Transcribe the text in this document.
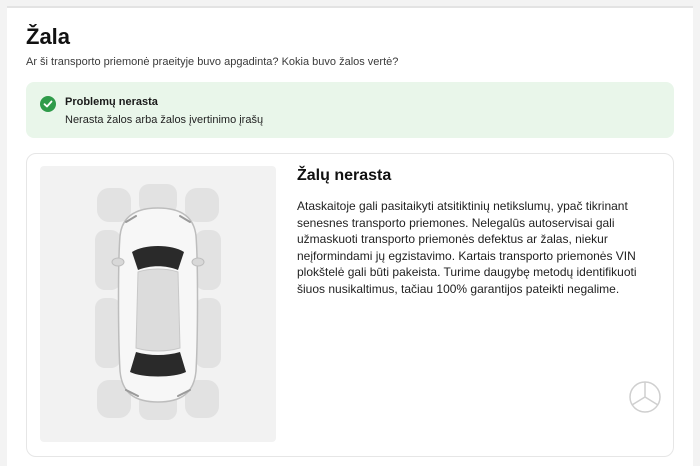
Žala
Ar ši transporto priemonė praeityje buvo apgadinta? Kokia buvo žalos vertė?
Problemų nerasta
Nerasta žalos arba žalos įvertinimo įrašų
Žalų nerasta
Ataskaitoje gali pasitaikyti atsitiktinių netikslumų, ypač tikrinant senesnes transporto priemones. Nelegalūs autoservisai gali užmaskuoti transporto priemonės defektus ar žalas, niekur neįformindami jų egzistavimo. Kartais transporto priemonės VIN plokštelė gali būti pakeista. Turime daugybę metodų identifikuoti šiuos nusikaltimus, tačiau 100% garantijos pateikti negalime.
